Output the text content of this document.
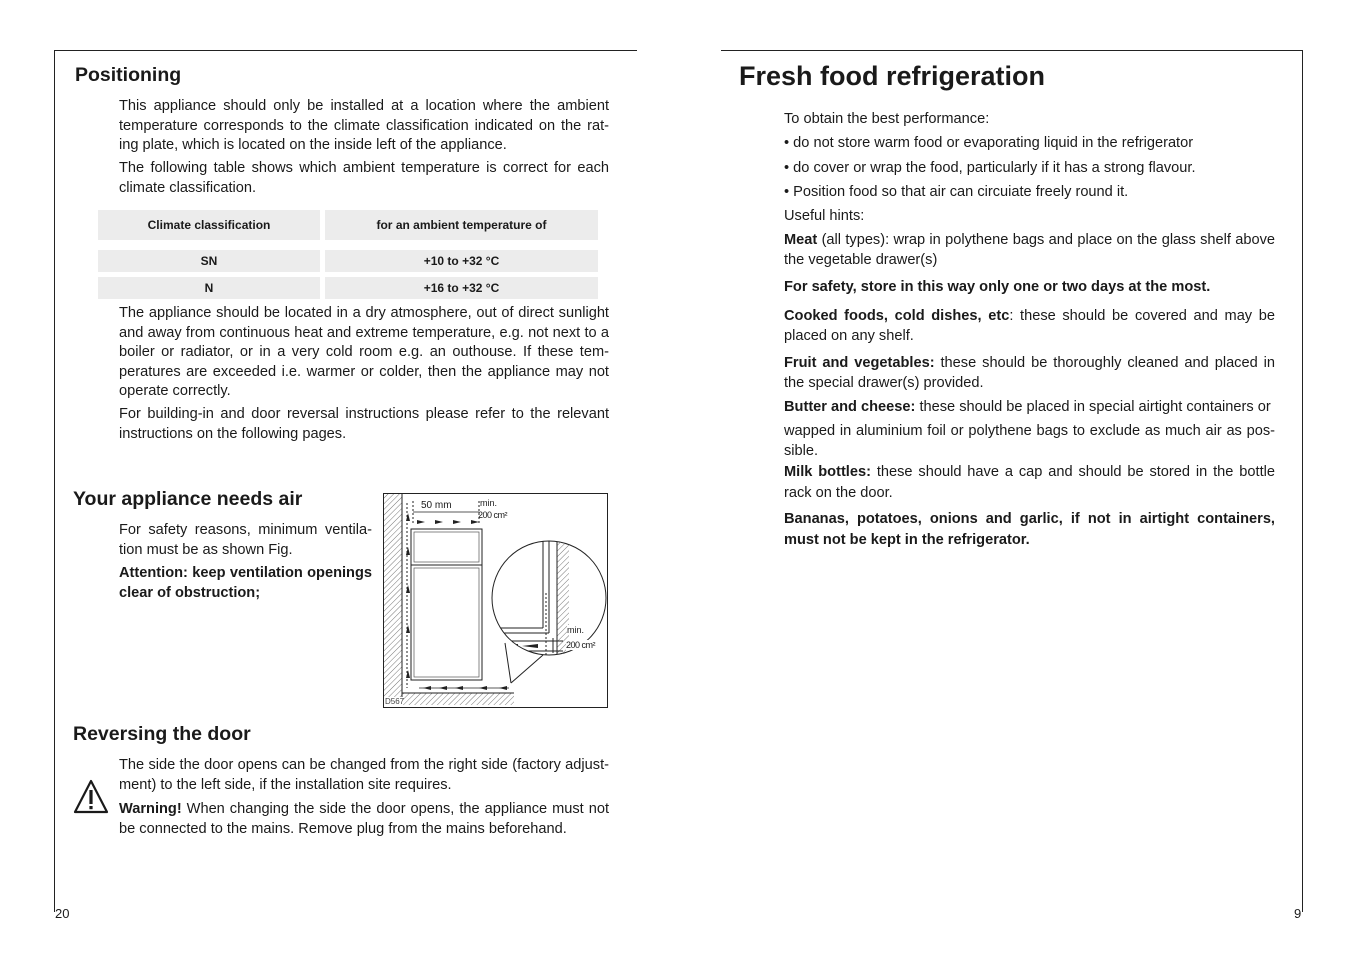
Positioning

This appliance should only be installed at a location where the ambient temperature corresponds to the climate classification indicated on the rat-ing plate, which is located on the inside left of the appliance.

The following table shows which ambient temperature is correct for each climate classification.

Climate classification	for an ambient temperature of
SN	+10 to +32 °C
N	+16 to +32 °C

The appliance should be located in a dry atmosphere, out of direct sunlight and away from continuous heat and extreme temperature, e.g. not next to a boiler or radiator, or in a very cold room e.g. an outhouse. If these tem-peratures are exceeded i.e. warmer or colder, then the appliance may not operate correctly.

For building-in and door reversal instructions please refer to the relevant instructions on the following pages.

Your appliance needs air

For safety reasons, minimum ventila-tion must be as shown Fig.

Attention: keep ventilation openings clear of obstruction;

50 mm	min.
200 cm²
min.
200 cm²
D567
Reversing the door

The side the door opens can be changed from the right side (factory adjust-ment) to the left side, if the installation site requires.

Warning! When changing the side the door opens, the appliance must not be connected to the mains. Remove plug from the mains beforehand.

20
Fresh food refrigeration

To obtain the best performance:

• do not store warm food or evaporating liquid in the refrigerator

• do cover or wrap the food, particularly if it has a strong flavour.

• Position food so that air can circuiate freely round it.

Useful hints:

Meat (all types): wrap in polythene bags and place on the glass shelf above the vegetable drawer(s)

For safety, store in this way only one or two days at the most.

Cooked foods, cold dishes, etc: these should be covered and may be placed on any shelf.

Fruit and vegetables: these should be thoroughly cleaned and placed in the special drawer(s) provided.

Butter and cheese: these should be placed in special airtight containers or

wapped in aluminium foil or polythene bags to exclude as much air as pos-sible.

Milk bottles: these should have a cap and should be stored in the bottle rack on the door.

Bananas, potatoes, onions and garlic, if not in airtight containers, must not be kept in the refrigerator.

9
